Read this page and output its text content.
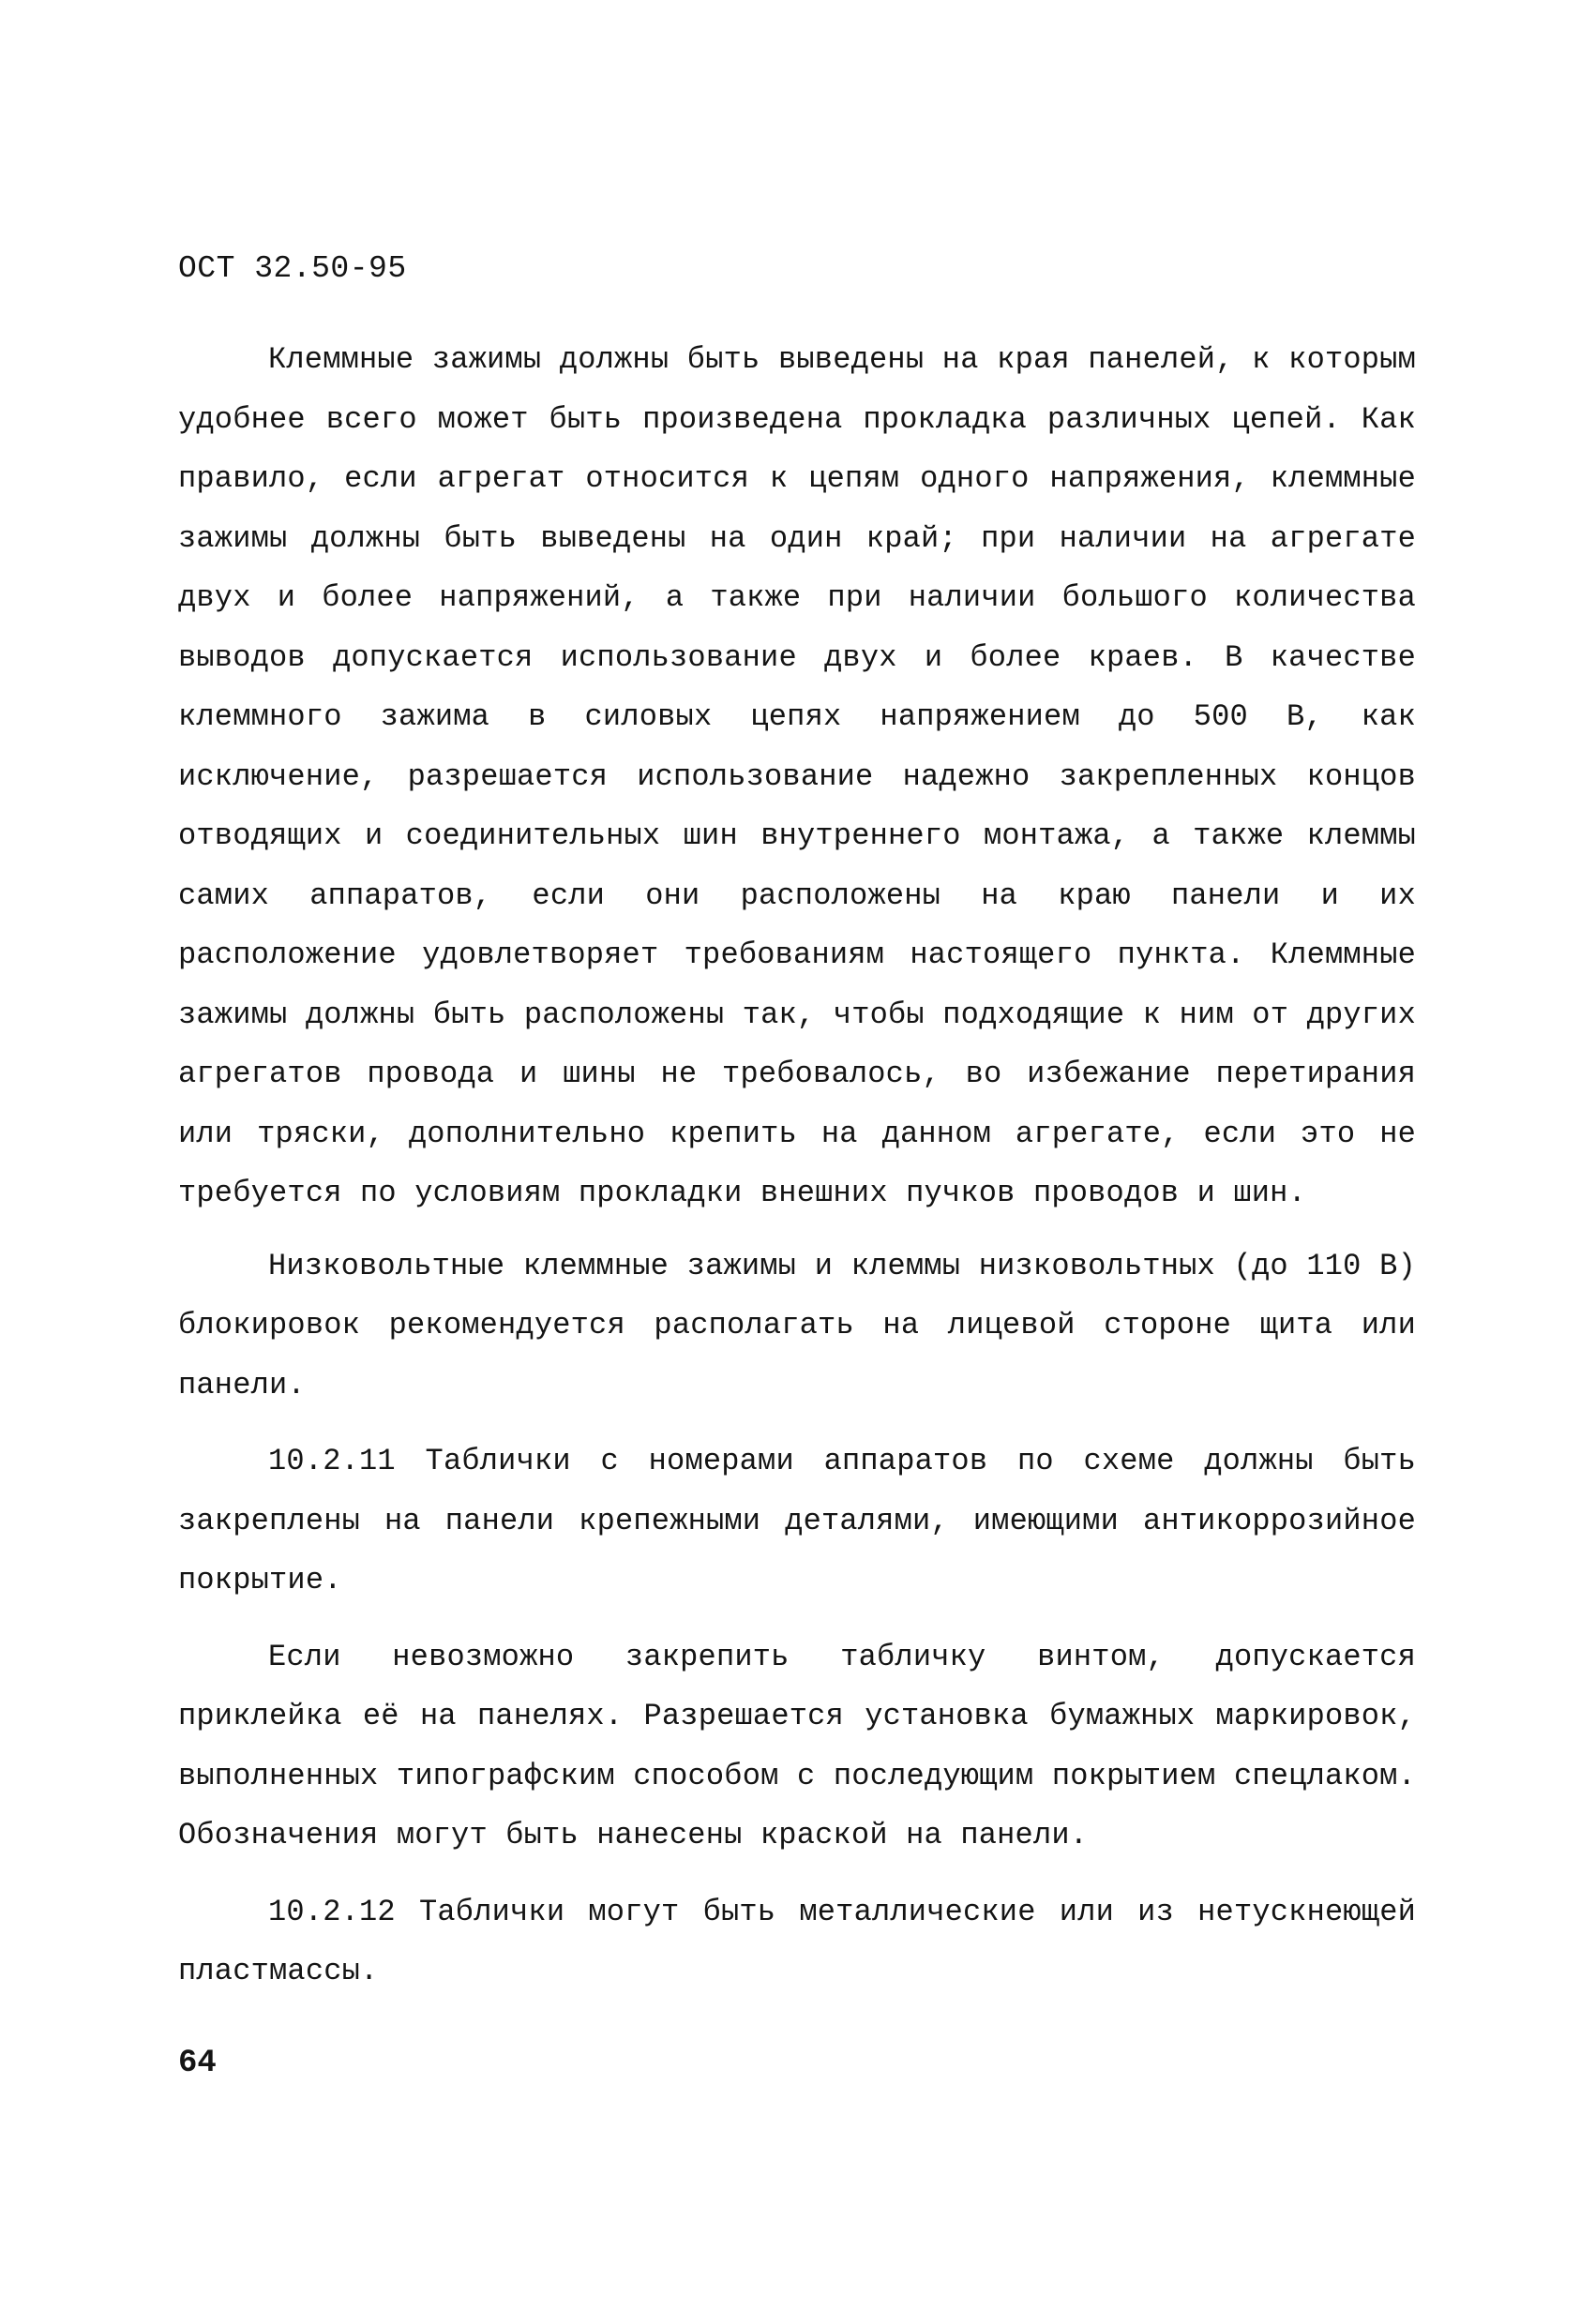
ОСТ 32.50-95

Клеммные зажимы должны быть выведены на края панелей, к которым удобнее всего может быть произведена прокладка различных цепей. Как правило, если агрегат относится к цепям одного напряжения, клеммные зажимы должны быть выведены на один край; при наличии на агрегате двух и более напряжений, а также при наличии большого количества выводов допускается использование двух и более краев. В качестве клеммного зажима в силовых цепях напряжением до 500 В, как исключение, разрешается использование надежно закрепленных концов отводящих и соединительных шин внутреннего монтажа, а также клеммы самих аппаратов, если они расположены на краю панели и их расположение удовлетворяет требованиям настоящего пункта. Клеммные зажимы должны быть расположены так, чтобы подходящие к ним от других агрегатов провода и шины не требовалось, во избежание перетирания или тряски, дополнительно крепить на данном агрегате, если это не требуется по условиям прокладки внешних пучков проводов и шин.

Низковольтные клеммные зажимы и клеммы низковольтных (до 110 В) блокировок рекомендуется располагать на лицевой стороне щита или панели.

10.2.11 Таблички с номерами аппаратов по схеме должны быть закреплены на панели крепежными деталями, имеющими антикоррозийное покрытие.

Если невозможно закрепить табличку винтом, допускается приклейка её на панелях. Разрешается установка бумажных маркировок, выполненных типографским способом с последующим покрытием спецлаком. Обозначения могут быть нанесены краской на панели.

10.2.12 Таблички могут быть металлические или из нетускнеющей пластмассы.

64
